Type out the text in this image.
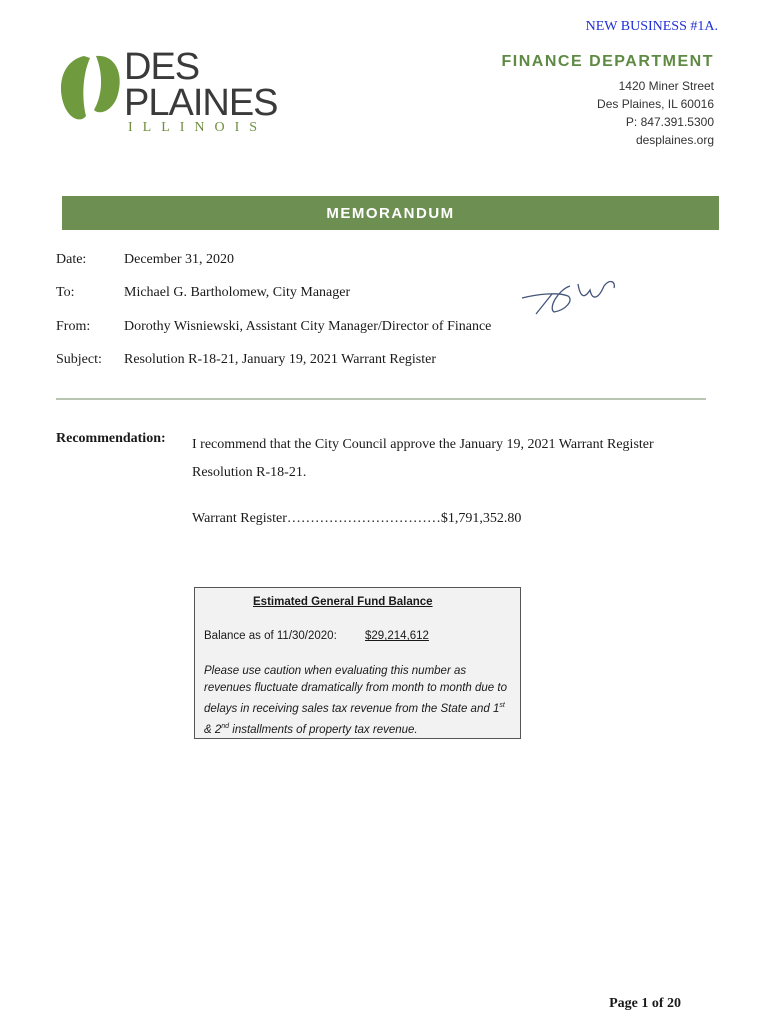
NEW BUSINESS #1A.
DES
PLAINES
ILLINOIS
FINANCE DEPARTMENT
1420 Miner Street
Des Plaines, IL 60016
P: 847.391.5300
desplaines.org
MEMORANDUM
Date:	December 31, 2020
To:	Michael G. Bartholomew, City Manager
From: Dorothy Wisniewski, Assistant City Manager/Director of Finance
Subject: Resolution R-18-21, January 19, 2021 Warrant Register
Recommendation: I recommend that the City Council approve the January 19, 2021 Warrant Register Resolution R-18-21.
Warrant Register……………………………$1,791,352.80
Estimated General Fund Balance
Balance as of 11/30/2020: $29,214,612
Please use caution when evaluating this number as revenues fluctuate dramatically from month to month due to delays in receiving sales tax revenue from the State and 1st & 2nd installments of property tax revenue.
Page 1 of 20
